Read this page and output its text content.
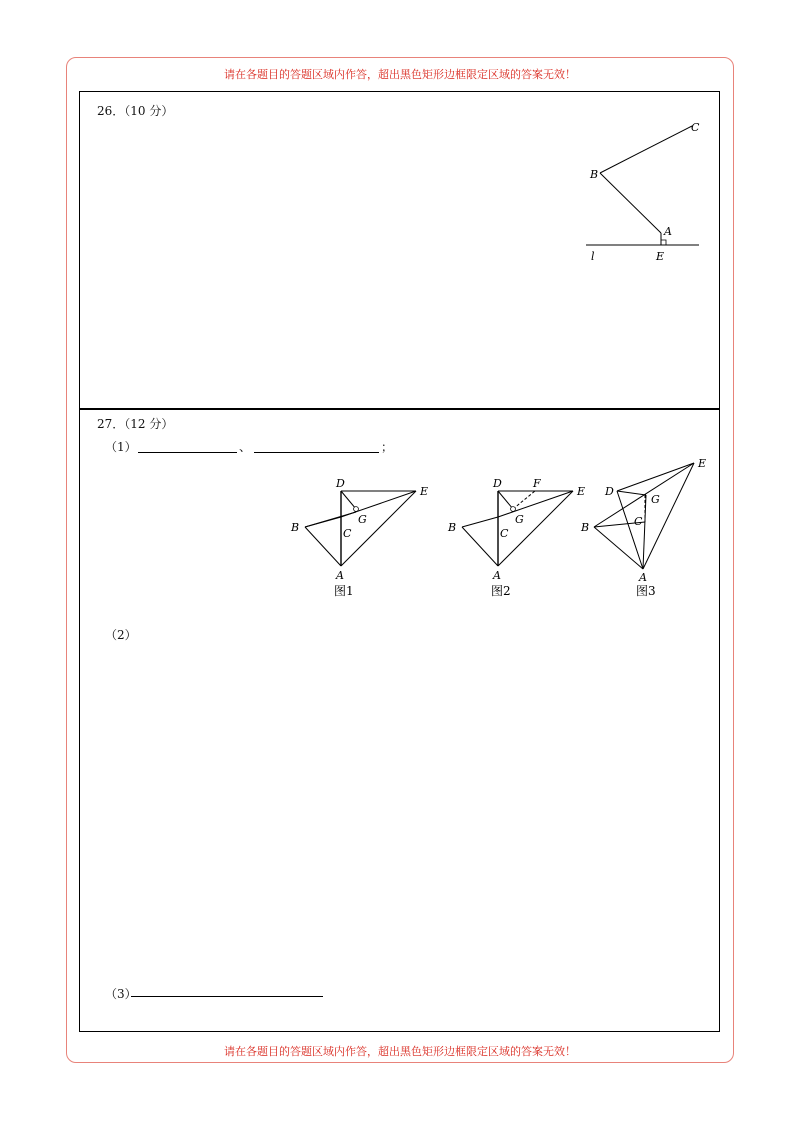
请在各题目的答题区域内作答，超出黑色矩形边框限定区域的答案无效！
26．（10 分）
C
B
A
l	E
27．（12 分）
（1）	、	；
D
E
B
G
C
A
图1
D	F
E
B
G
C
A
图2
E
D
G
B	C
A
图3
（2）
（3）
请在各题目的答题区域内作答，超出黑色矩形边框限定区域的答案无效！
